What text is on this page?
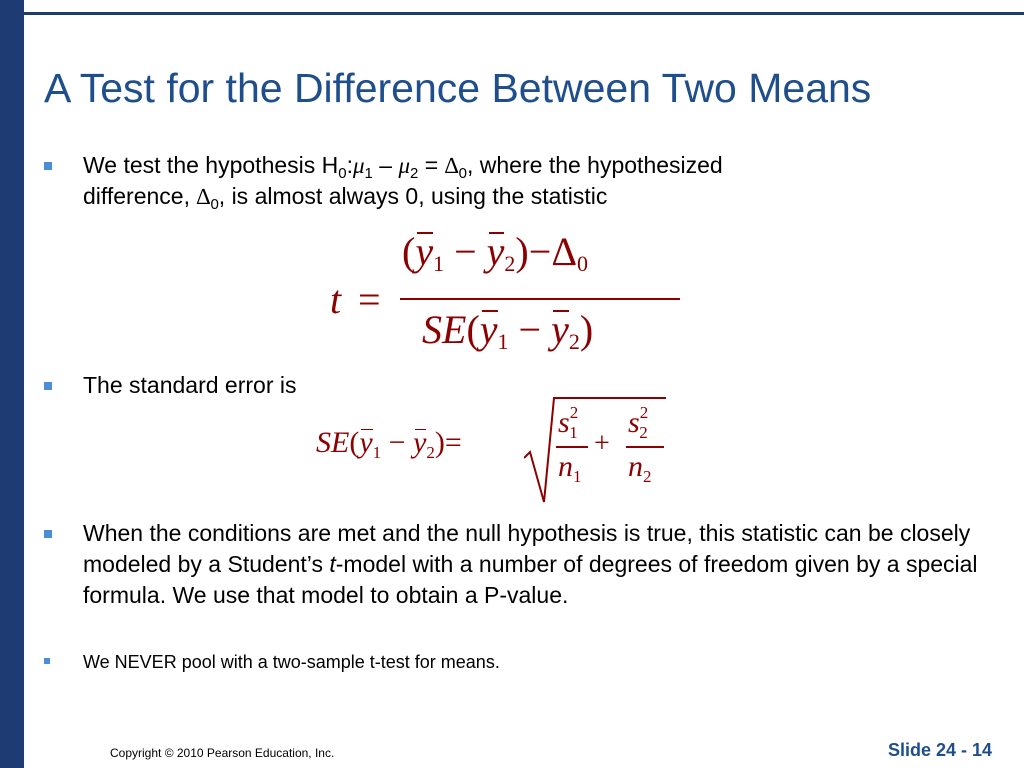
A Test for the Difference Between Two Means
We test the hypothesis $H_0:\mu_1 - \mu_2 = \Delta_0$, where the hypothesized
difference, $\Delta_0$, is almost always 0, using the statistic
t =
(y1 − y2)−Δ0
SE(y1 − y2)
The standard error is
$SE(y_1 - y_2)=$
$s^2_1$
$n_1$
+
$s^2_2$
$n_2$
When the conditions are met and the null hypothesis is true, this statistic can be closely modeled by a Student’s t-model with a number of degrees of freedom given by a special formula. We use that model to obtain a P-value.
We NEVER pool with a two-sample t-test for means.
Copyright © 2010 Pearson Education, Inc.	Slide 24 - 14
